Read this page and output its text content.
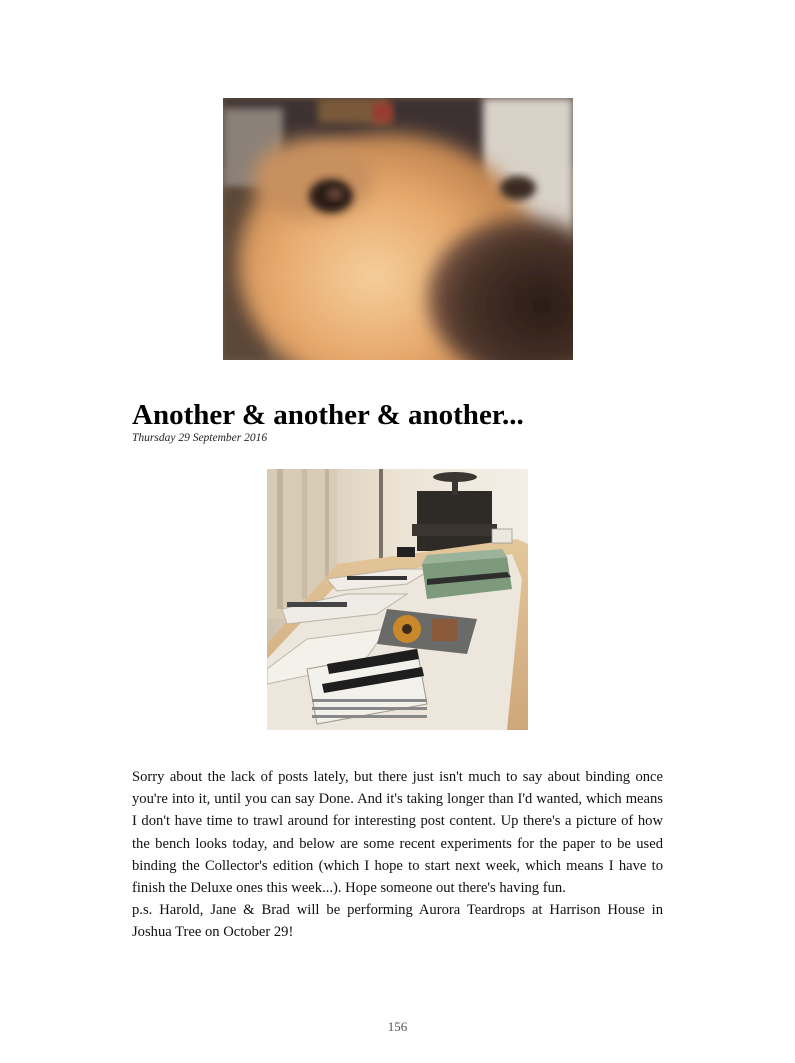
Another & another & another...
Thursday 29 September 2016

Sorry about the lack of posts lately, but there just isn't much to say about binding once you're into it, until you can say Done. And it's taking longer than I'd wanted, which means I don't have time to trawl around for interesting post content. Up there's a picture of how the bench looks today, and below are some recent experiments for the paper to be used binding the Collector's edition (which I hope to start next week, which means I have to finish the Deluxe ones this week...). Hope someone out there's having fun.

p.s. Harold, Jane & Brad will be performing Aurora Teardrops at Harrison House in Joshua Tree on October 29!

156
